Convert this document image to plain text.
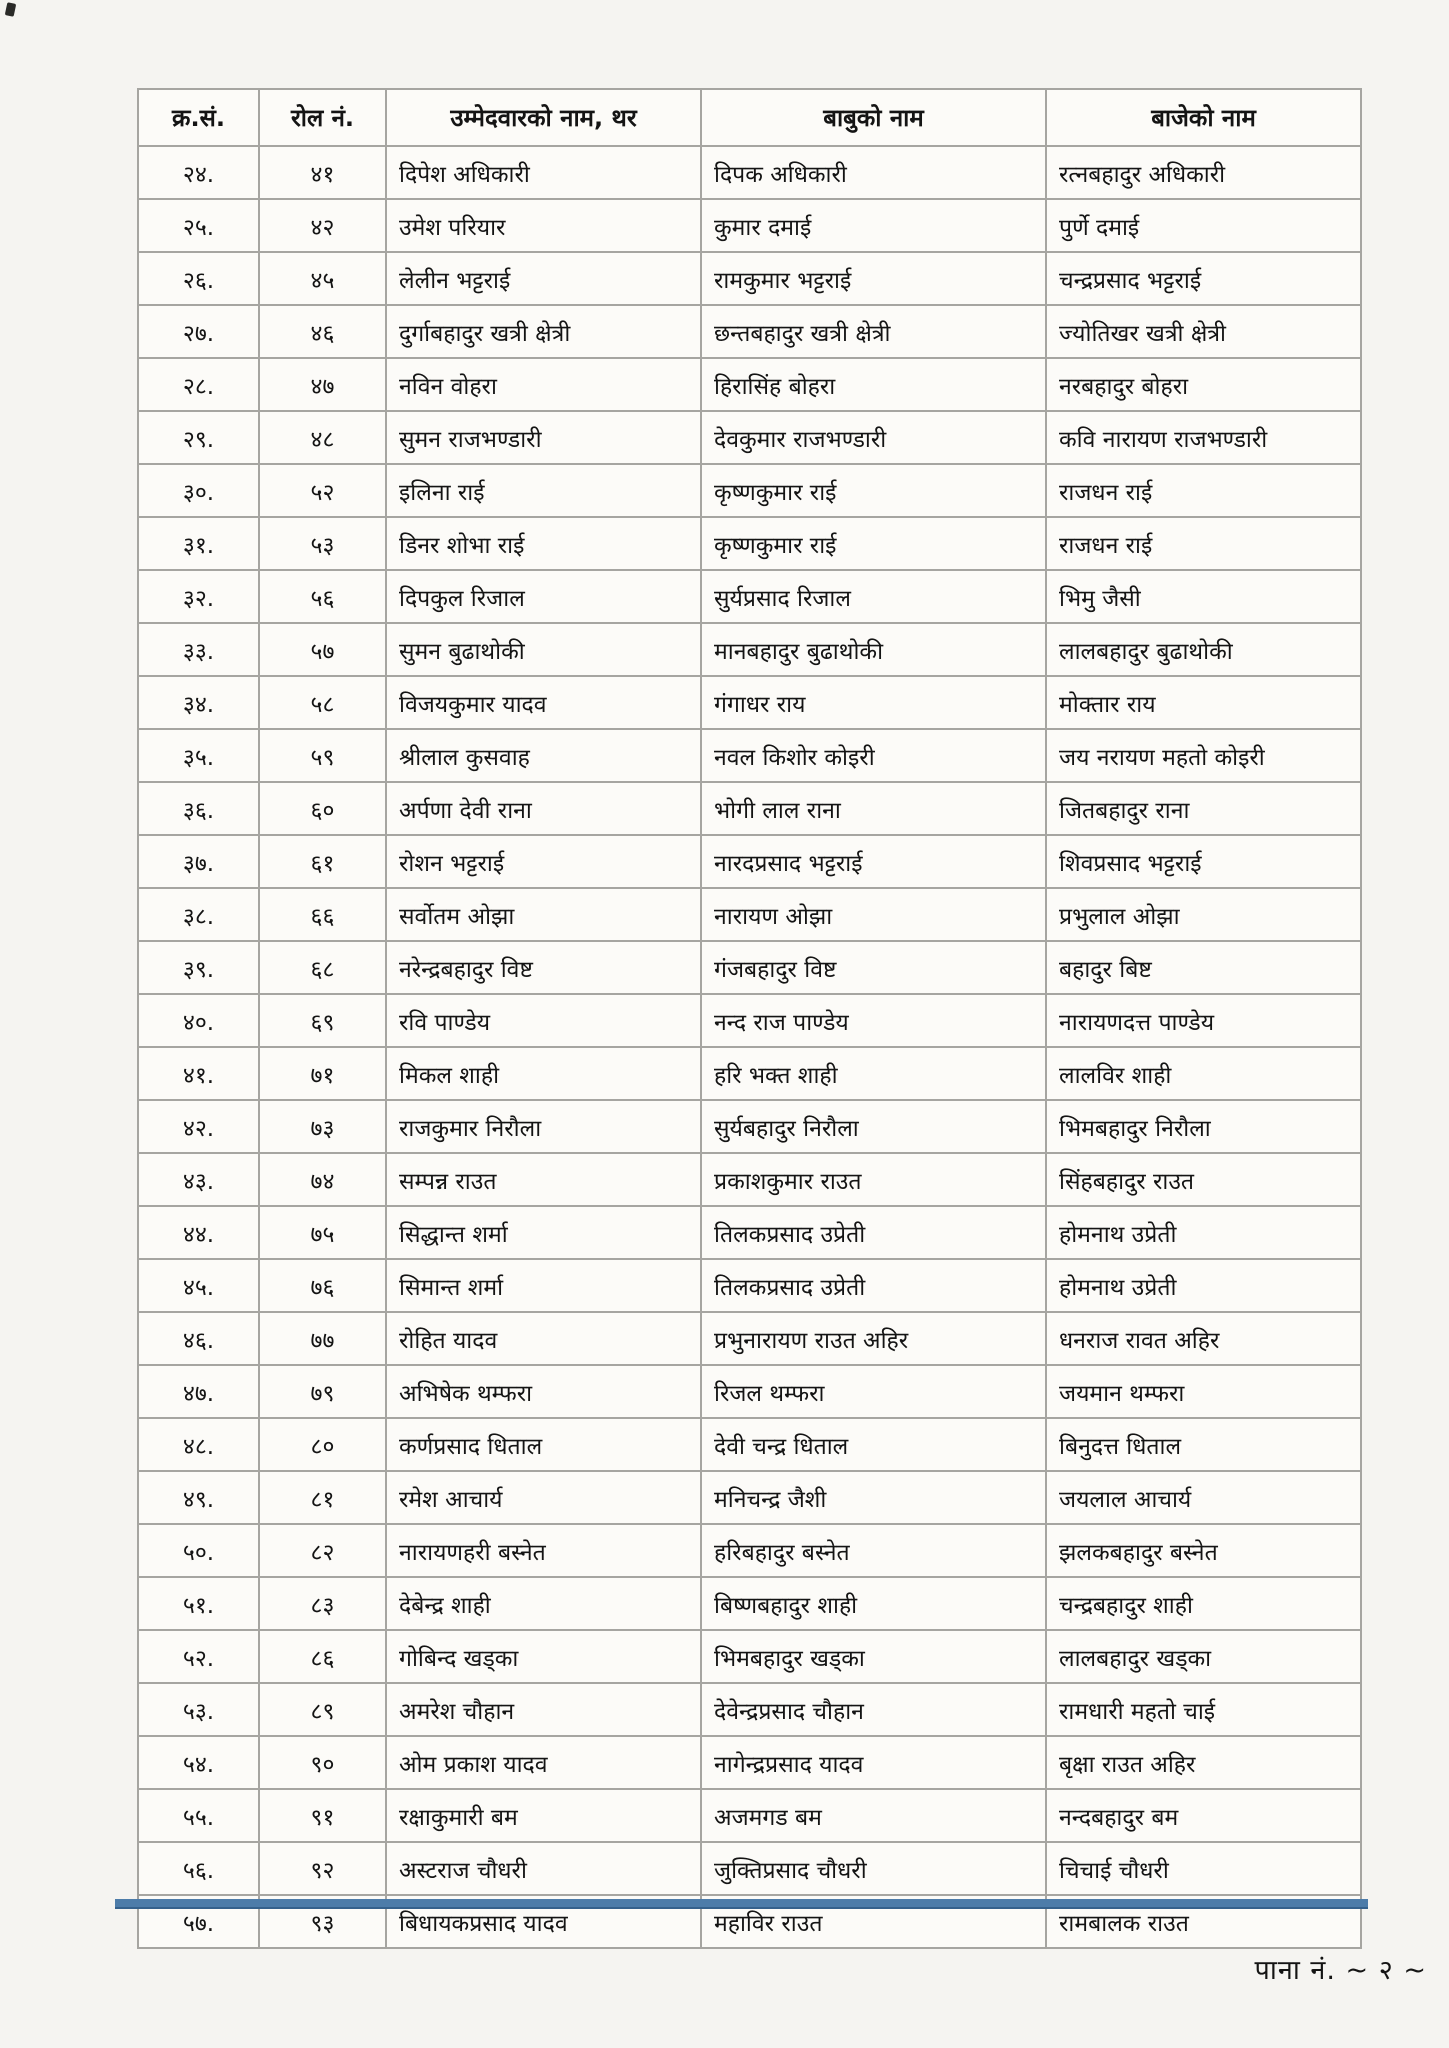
क्र.सं.	रोल नं.	उम्मेदवारको नाम, थर	बाबुको नाम	बाजेको नाम
२४.	४१	दिपेश अधिकारी	दिपक अधिकारी	रत्नबहादुर अधिकारी
२५.	४२	उमेश परियार	कुमार दमाई	पुर्णे दमाई
२६.	४५	लेलीन भट्टराई	रामकुमार भट्टराई	चन्द्रप्रसाद भट्टराई
२७.	४६	दुर्गाबहादुर खत्री क्षेत्री	छन्तबहादुर खत्री क्षेत्री	ज्योतिखर खत्री क्षेत्री
२८.	४७	नविन वोहरा	हिरासिंह बोहरा	नरबहादुर बोहरा
२९.	४८	सुमन राजभण्डारी	देवकुमार राजभण्डारी	कवि नारायण राजभण्डारी
३०.	५२	इलिना राई	कृष्णकुमार राई	राजधन राई
३१.	५३	डिनर शोभा राई	कृष्णकुमार राई	राजधन राई
३२.	५६	दिपकुल रिजाल	सुर्यप्रसाद रिजाल	भिमु जैसी
३३.	५७	सुमन बुढाथोकी	मानबहादुर बुढाथोकी	लालबहादुर बुढाथोकी
३४.	५८	विजयकुमार यादव	गंगाधर राय	मोक्तार राय
३५.	५९	श्रीलाल कुसवाह	नवल किशोर कोइरी	जय नरायण महतो कोइरी
३६.	६०	अर्पणा देवी राना	भोगी लाल राना	जितबहादुर राना
३७.	६१	रोशन भट्टराई	नारदप्रसाद भट्टराई	शिवप्रसाद भट्टराई
३८.	६६	सर्वोतम ओझा	नारायण ओझा	प्रभुलाल ओझा
३९.	६८	नरेन्द्रबहादुर विष्ट	गंजबहादुर विष्ट	बहादुर बिष्ट
४०.	६९	रवि पाण्डेय	नन्द राज पाण्डेय	नारायणदत्त पाण्डेय
४१.	७१	मिकल शाही	हरि भक्त शाही	लालविर शाही
४२.	७३	राजकुमार निरौला	सुर्यबहादुर निरौला	भिमबहादुर निरौला
४३.	७४	सम्पन्न राउत	प्रकाशकुमार राउत	सिंहबहादुर राउत
४४.	७५	सिद्धान्त शर्मा	तिलकप्रसाद उप्रेती	होमनाथ उप्रेती
४५.	७६	सिमान्त शर्मा	तिलकप्रसाद उप्रेती	होमनाथ उप्रेती
४६.	७७	रोहित यादव	प्रभुनारायण राउत अहिर	धनराज रावत अहिर
४७.	७९	अभिषेक थम्फरा	रिजल थम्फरा	जयमान थम्फरा
४८.	८०	कर्णप्रसाद धिताल	देवी चन्द्र धिताल	बिनुदत्त धिताल
४९.	८१	रमेश आचार्य	मनिचन्द्र जैशी	जयलाल आचार्य
५०.	८२	नारायणहरी बस्नेत	हरिबहादुर बस्नेत	झलकबहादुर बस्नेत
५१.	८३	देबेन्द्र शाही	बिष्णबहादुर शाही	चन्द्रबहादुर शाही
५२.	८६	गोबिन्द खड्का	भिमबहादुर खड्का	लालबहादुर खड्का
५३.	८९	अमरेश चौहान	देवेन्द्रप्रसाद चौहान	रामधारी महतो चाई
५४.	९०	ओम प्रकाश यादव	नागेन्द्रप्रसाद यादव	बृक्षा राउत अहिर
५५.	९१	रक्षाकुमारी बम	अजमगड बम	नन्दबहादुर बम
५६.	९२	अस्टराज चौधरी	जुक्तिप्रसाद चौधरी	चिचाई चौधरी
५७.	९३	बिधायकप्रसाद यादव	महाविर राउत	रामबालक राउत
पाना नं. ~ २ ~
